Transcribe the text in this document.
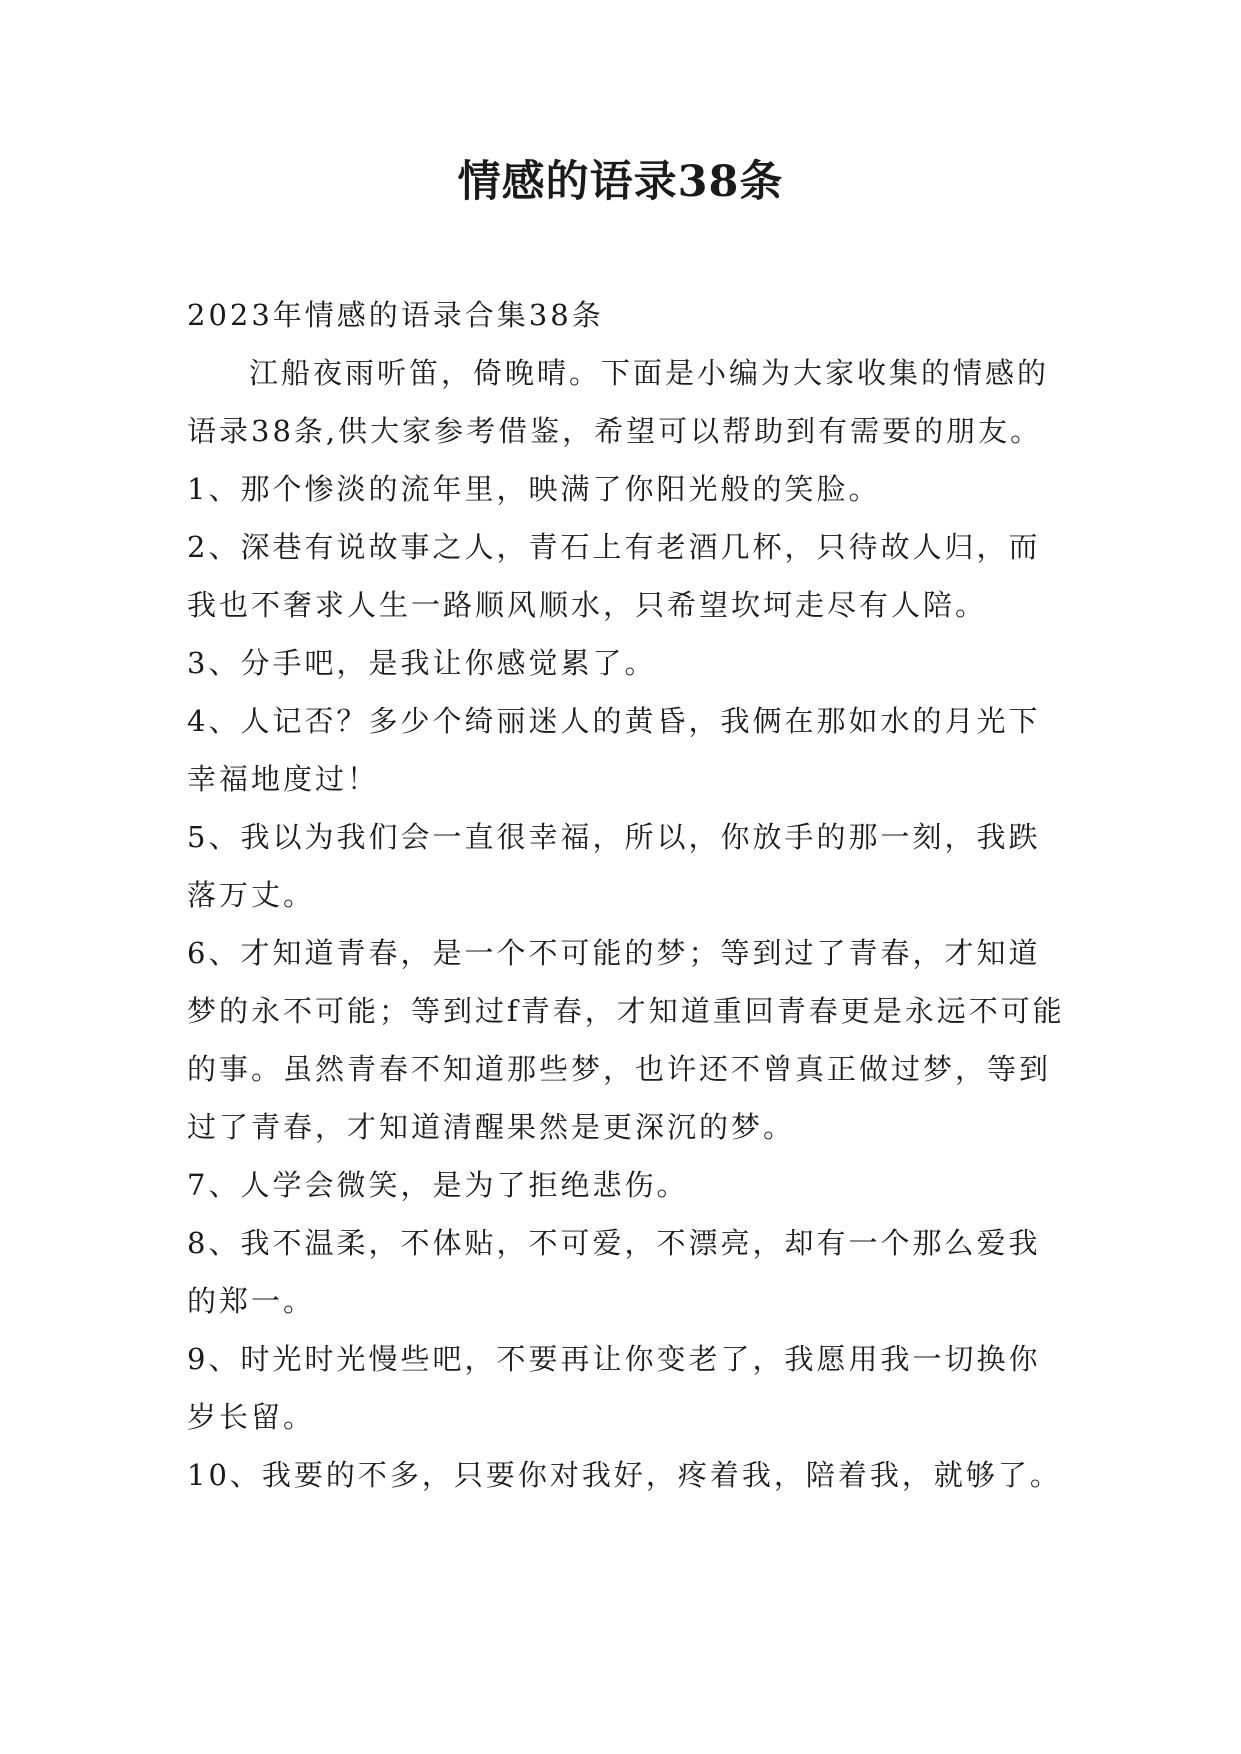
情感的语录38条

2023年情感的语录合集38条

江船夜雨听笛，倚晚晴。下面是小编为大家收集的情感的语录38条,供大家参考借鉴，希望可以帮助到有需要的朋友。

1、那个惨淡的流年里，映满了你阳光般的笑脸。

2、深巷有说故事之人，青石上有老酒几杯，只待故人归，而我也不奢求人生一路顺风顺水，只希望坎坷走尽有人陪。

3、分手吧，是我让你感觉累了。

4、人记否？多少个绮丽迷人的黄昏，我俩在那如水的月光下幸福地度过！

5、我以为我们会一直很幸福，所以，你放手的那一刻，我跌落万丈。

6、才知道青春，是一个不可能的梦；等到过了青春，才知道梦的永不可能；等到过f青春，才知道重回青春更是永远不可能的事。虽然青春不知道那些梦，也许还不曾真正做过梦，等到过了青春，才知道清醒果然是更深沉的梦。

7、人学会微笑，是为了拒绝悲伤。

8、我不温柔，不体贴，不可爱，不漂亮，却有一个那么爱我的郑一。

9、时光时光慢些吧，不要再让你变老了，我愿用我一切换你岁长留。

10、我要的不多，只要你对我好，疼着我，陪着我，就够了。
